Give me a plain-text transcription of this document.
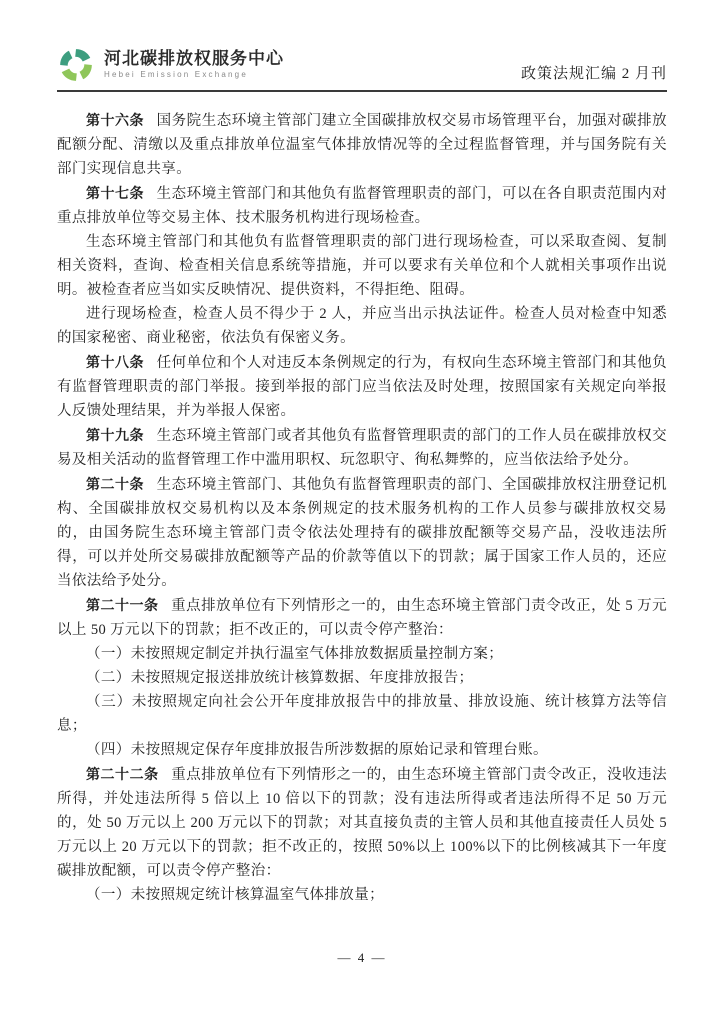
河北碳排放权服务中心
Hebei Emission Exchange	政策法规汇编 2 月刊

第十六条 国务院生态环境主管部门建立全国碳排放权交易市场管理平台，加强对碳排放配额分配、清缴以及重点排放单位温室气体排放情况等的全过程监督管理，并与国务院有关部门实现信息共享。

第十七条 生态环境主管部门和其他负有监督管理职责的部门，可以在各自职责范围内对重点排放单位等交易主体、技术服务机构进行现场检查。

生态环境主管部门和其他负有监督管理职责的部门进行现场检查，可以采取查阅、复制相关资料，查询、检查相关信息系统等措施，并可以要求有关单位和个人就相关事项作出说明。被检查者应当如实反映情况、提供资料，不得拒绝、阻碍。

进行现场检查，检查人员不得少于 2 人，并应当出示执法证件。检查人员对检查中知悉的国家秘密、商业秘密，依法负有保密义务。

第十八条 任何单位和个人对违反本条例规定的行为，有权向生态环境主管部门和其他负有监督管理职责的部门举报。接到举报的部门应当依法及时处理，按照国家有关规定向举报人反馈处理结果，并为举报人保密。

第十九条 生态环境主管部门或者其他负有监督管理职责的部门的工作人员在碳排放权交易及相关活动的监督管理工作中滥用职权、玩忽职守、徇私舞弊的，应当依法给予处分。

第二十条 生态环境主管部门、其他负有监督管理职责的部门、全国碳排放权注册登记机构、全国碳排放权交易机构以及本条例规定的技术服务机构的工作人员参与碳排放权交易的，由国务院生态环境主管部门责令依法处理持有的碳排放配额等交易产品，没收违法所得，可以并处所交易碳排放配额等产品的价款等值以下的罚款；属于国家工作人员的，还应当依法给予处分。

第二十一条 重点排放单位有下列情形之一的，由生态环境主管部门责令改正，处 5 万元以上 50 万元以下的罚款；拒不改正的，可以责令停产整治：

（一）未按照规定制定并执行温室气体排放数据质量控制方案；

（二）未按照规定报送排放统计核算数据、年度排放报告；

（三）未按照规定向社会公开年度排放报告中的排放量、排放设施、统计核算方法等信息；

（四）未按照规定保存年度排放报告所涉数据的原始记录和管理台账。

第二十二条 重点排放单位有下列情形之一的，由生态环境主管部门责令改正，没收违法所得，并处违法所得 5 倍以上 10 倍以下的罚款；没有违法所得或者违法所得不足 50 万元的，处 50 万元以上 200 万元以下的罚款；对其直接负责的主管人员和其他直接责任人员处 5 万元以上 20 万元以下的罚款；拒不改正的，按照 50%以上 100%以下的比例核减其下一年度碳排放配额，可以责令停产整治：

（一）未按照规定统计核算温室气体排放量；

— 4 —
